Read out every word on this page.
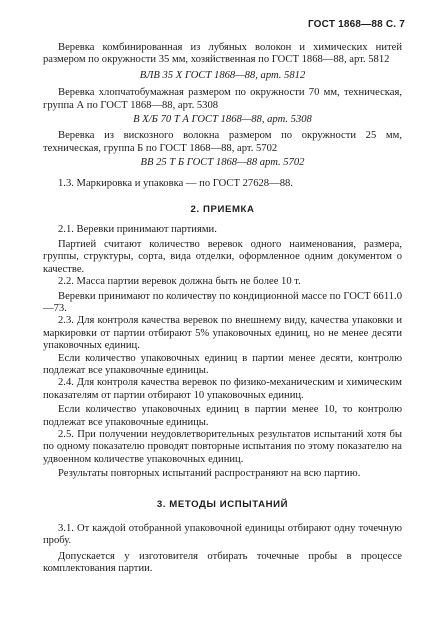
ГОСТ 1868—88 С. 7

Веревка комбинированная из лубяных волокон и химических нитей размером по окружности 35 мм, хозяйственная по ГОСТ 1868—88, арт. 5812

ВЛВ 35 Х ГОСТ 1868—88, арт. 5812

Веревка хлопчатобумажная размером по окружности 70 мм, техническая, группа А по ГОСТ 1868—88, арт. 5308

В Х/Б 70 Т А ГОСТ 1868—88, арт. 5308

Веревка из вискозного волокна размером по окружности 25 мм, техническая, группа Б по ГОСТ 1868—88, арт. 5702

ВВ 25 Т Б ГОСТ 1868—88 арт. 5702

1.3. Маркировка и упаковка — по ГОСТ 27628—88.

2. ПРИЕМКА

2.1. Веревки принимают партиями.

Партией считают количество веревок одного наименования, размера, группы, структуры, сорта, вида отделки, оформленное одним документом о качестве.

2.2. Масса партии веревок должна быть не более 10 т.

Веревки принимают по количеству по кондиционной массе по ГОСТ 6611.0—73.

2.3. Для контроля качества веревок по внешнему виду, качества упаковки и маркировки от партии отбирают 5% упаковочных единиц, но не менее десяти упаковочных единиц.

Если количество упаковочных единиц в партии менее десяти, контролю подлежат все упаковочные единицы.

2.4. Для контроля качества веревок по физико-механическим и химическим показателям от партии отбирают 10 упаковочных единиц.

Если количество упаковочных единиц в партии менее 10, то контролю подлежат все упаковочные единицы.

2.5. При получении неудовлетворительных результатов испытаний хотя бы по одному показателю проводят повторные испытания по этому показателю на удвоенном количестве упаковочных единиц.

Результаты повторных испытаний распространяют на всю партию.

3. МЕТОДЫ ИСПЫТАНИЙ

3.1. От каждой отобранной упаковочной единицы отбирают одну точечную пробу.

Допускается у изготовителя отбирать точечные пробы в процессе комплектования партии.
